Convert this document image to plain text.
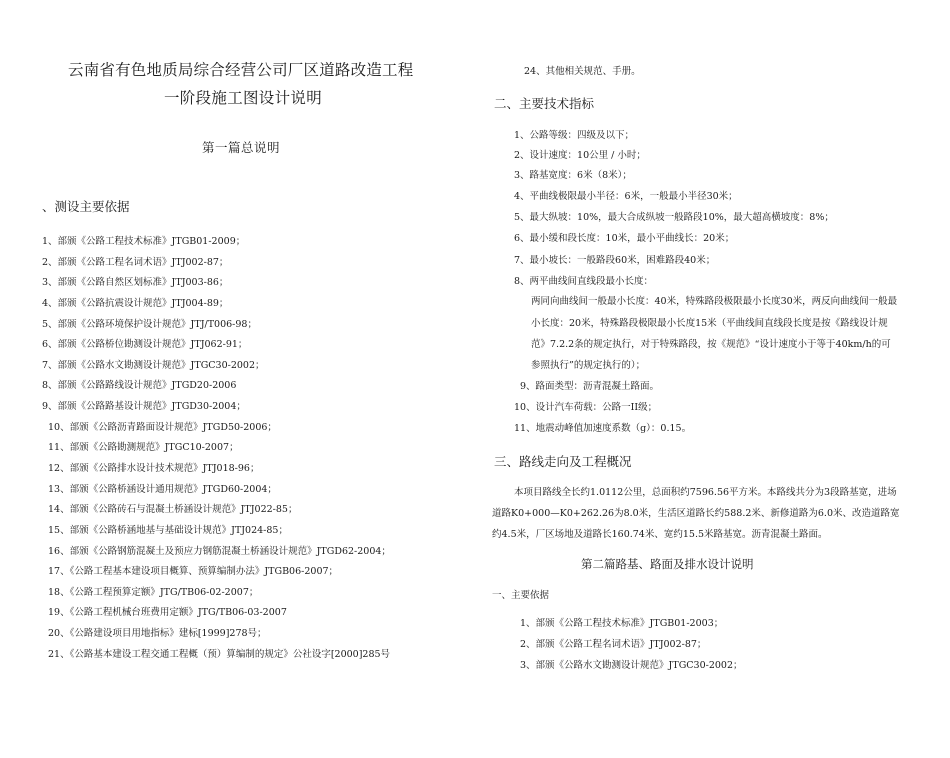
云南省有色地质局综合经营公司厂区道路改造工程
一阶段施工图设计说明
第一篇总说明
、测设主要依据
1、部颁《公路工程技术标准》JTGB01-2009；
2、部颁《公路工程名词术语》JTJ002-87；
3、部颁《公路自然区划标准》JTJ003-86；
4、部颁《公路抗震设计规范》JTJ004-89；
5、部颁《公路环境保护设计规范》JTJ/T006-98；
6、部颁《公路桥位勘测设计规范》JTJ062-91；
7、部颁《公路水文勘测设计规范》JTGC30-2002；
8、部颁《公路路线设计规范》JTGD20-2006
9、部颁《公路路基设计规范》JTGD30-2004；
10、部颁《公路沥青路面设计规范》JTGD50-2006；
11、部颁《公路勘测规范》JTGC10-2007；
12、部颁《公路排水设计技术规范》JTJ018-96；
13、部颁《公路桥涵设计通用规范》JTGD60-2004；
14、部颁《公路砖石与混凝土桥涵设计规范》JTJ022-85；
15、部颁《公路桥涵地基与基础设计规范》JTJ024-85；
16、部颁《公路钢筋混凝土及预应力钢筋混凝土桥涵设计规范》JTGD62-2004；
17、《公路工程基本建设项目概算、预算编制办法》JTGB06-2007；
18、《公路工程预算定额》JTG/TB06-02-2007；
19、《公路工程机械台班费用定额》JTG/TB06-03-2007
20、《公路建设项目用地指标》建标[1999]278号；
21、《公路基本建设工程交通工程概（预）算编制的规定》公社设字[2000]285号
24、其他相关规范、手册。
二、主要技术指标
1、公路等级：四级及以下；
2、设计速度：10公里 / 小时；
3、路基宽度：6米（8米）；
4、平曲线极限最小半径：6米，一般最小半径30米；
5、最大纵坡：10%，最大合成纵坡一般路段10%，最大超高横坡度：8%；
6、最小缓和段长度：10米，最小平曲线长：20米；
7、最小坡长：一般路段60米，困难路段40米；
8、两平曲线间直线段最小长度：
两同向曲线间一般最小长度：40米，特殊路段极限最小长度30米，两反向曲线间一般最
小长度：20米，特殊路段极限最小长度15米（平曲线间直线段长度是按《路线设计规
范》7.2.2条的规定执行，对于特殊路段，按《规范》“设计速度小于等于40km/h的可
参照执行”的规定执行的）；
9、路面类型：沥青混凝土路面。
10、设计汽车荷载：公路一II级；
11、地震动峰值加速度系数（g）：0.15。
三、路线走向及工程概况
本项目路线全长约1.0112公里，总面积约7596.56平方米。本路线共分为3段路基宽，进场
道路K0+000—K0+262.26为8.0米，生活区道路长约588.2米、新修道路为6.0米、改造道路宽
约4.5米，厂区场地及道路长160.74米、宽约15.5米路基宽。沥青混凝土路面。
第二篇路基、路面及排水设计说明
一、主要依据
1、部颁《公路工程技术标准》JTGB01-2003；
2、部颁《公路工程名词术语》JTJ002-87；
3、部颁《公路水文勘测设计规范》JTGC30-2002；
